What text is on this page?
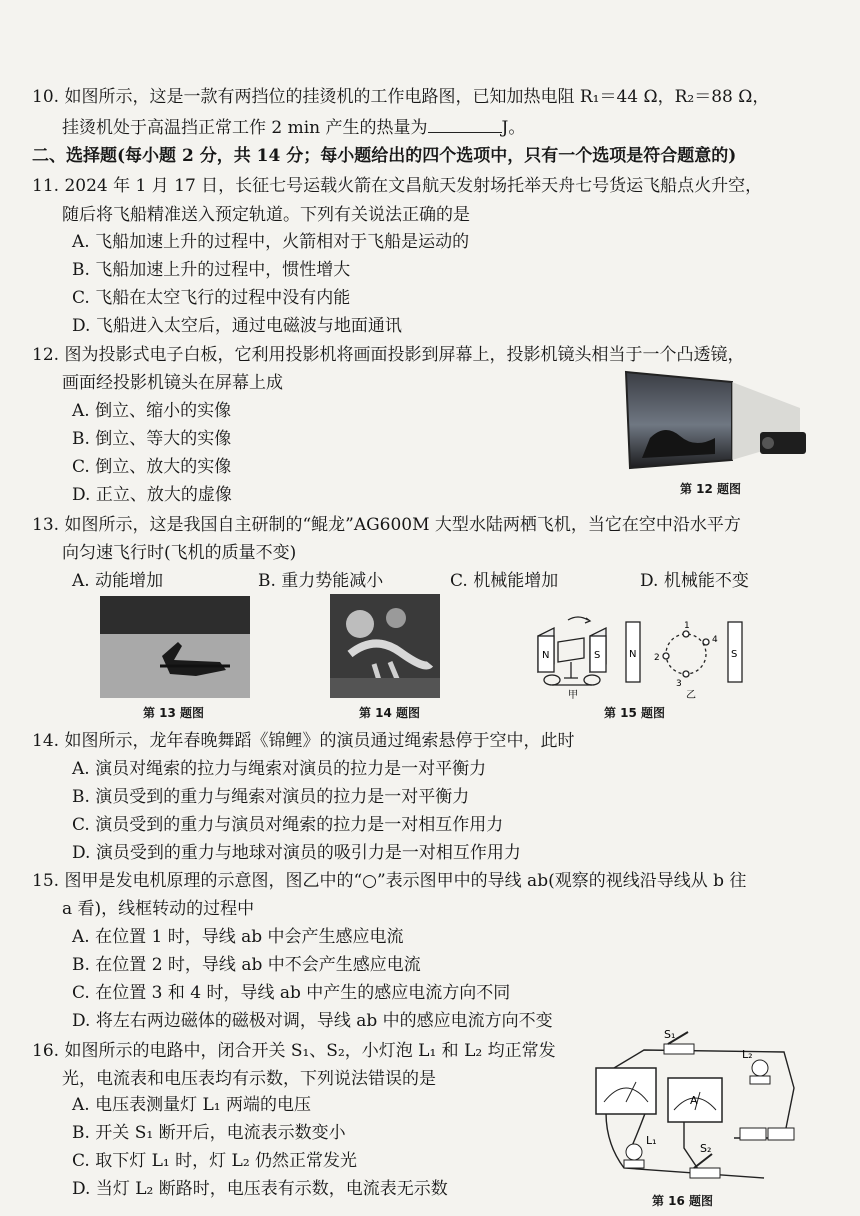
10. 如图所示，这是一款有两挡位的挂烫机的工作电路图，已知加热电阻 R₁＝44 Ω，R₂＝88 Ω，
挂烫机处于高温挡正常工作 2 min 产生的热量为	J。
二、选择题(每小题 2 分，共 14 分；每小题给出的四个选项中，只有一个选项是符合题意的)
11. 2024 年 1 月 17 日，长征七号运载火箭在文昌航天发射场托举天舟七号货运飞船点火升空，
随后将飞船精准送入预定轨道。下列有关说法正确的是
A. 飞船加速上升的过程中，火箭相对于飞船是运动的
B. 飞船加速上升的过程中，惯性增大
C. 飞船在太空飞行的过程中没有内能
D. 飞船进入太空后，通过电磁波与地面通讯
12. 图为投影式电子白板，它利用投影机将画面投影到屏幕上，投影机镜头相当于一个凸透镜，
画面经投影机镜头在屏幕上成
A. 倒立、缩小的实像
B. 倒立、等大的实像
C. 倒立、放大的实像
D. 正立、放大的虚像	第 12 题图
13. 如图所示，这是我国自主研制的“鲲龙”AG600M 大型水陆两栖飞机，当它在空中沿水平方
向匀速飞行时(飞机的质量不变)
A. 动能增加	B. 重力势能减小	C. 机械能增加	D. 机械能不变
第 13 题图	第 14 题图
N	S
甲
N	S
1
2
3
4
乙
第 15 题图
14. 如图所示，龙年春晚舞蹈《锦鲤》的演员通过绳索悬停于空中，此时
A. 演员对绳索的拉力与绳索对演员的拉力是一对平衡力
B. 演员受到的重力与绳索对演员的拉力是一对平衡力
C. 演员受到的重力与演员对绳索的拉力是一对相互作用力
D. 演员受到的重力与地球对演员的吸引力是一对相互作用力
15. 图甲是发电机原理的示意图，图乙中的“○”表示图甲中的导线 ab(观察的视线沿导线从 b 往
a 看)，线框转动的过程中
A. 在位置 1 时，导线 ab 中会产生感应电流
B. 在位置 2 时，导线 ab 中不会产生感应电流
C. 在位置 3 和 4 时，导线 ab 中产生的感应电流方向不同
D. 将左右两边磁体的磁极对调，导线 ab 中的感应电流方向不变
16. 如图所示的电路中，闭合开关 S₁、S₂，小灯泡 L₁ 和 L₂ 均正常发
光，电流表和电压表均有示数，下列说法错误的是
A. 电压表测量灯 L₁ 两端的电压
B. 开关 S₁ 断开后，电流表示数变小
C. 取下灯 L₁ 时，灯 L₂ 仍然正常发光
D. 当灯 L₂ 断路时，电压表有示数，电流表无示数
A
S₁
L₂
L₁
S₂
第 16 题图
